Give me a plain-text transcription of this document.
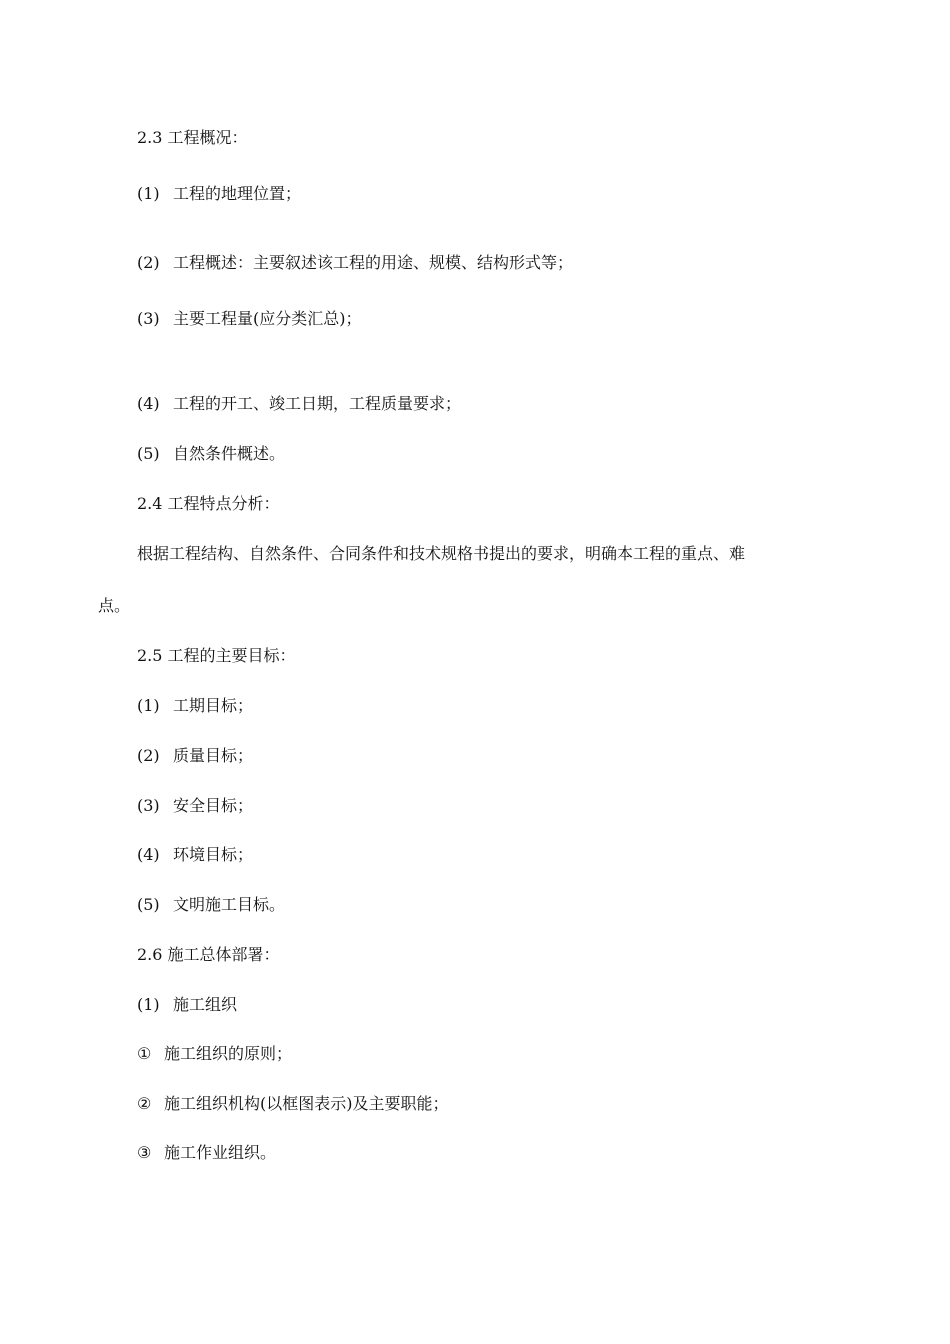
2.3 工程概况：
(1) 工程的地理位置；
(2) 工程概述：主要叙述该工程的用途、规模、结构形式等；
(3) 主要工程量(应分类汇总)；
(4) 工程的开工、竣工日期，工程质量要求；
(5) 自然条件概述。
2.4 工程特点分析：
根据工程结构、自然条件、合同条件和技术规格书提出的要求，明确本工程的重点、难
点。
2.5 工程的主要目标：
(1) 工期目标；
(2) 质量目标；
(3) 安全目标；
(4) 环境目标；
(5) 文明施工目标。
2.6 施工总体部署：
(1) 施工组织
① 施工组织的原则；
② 施工组织机构(以框图表示)及主要职能；
③ 施工作业组织。
